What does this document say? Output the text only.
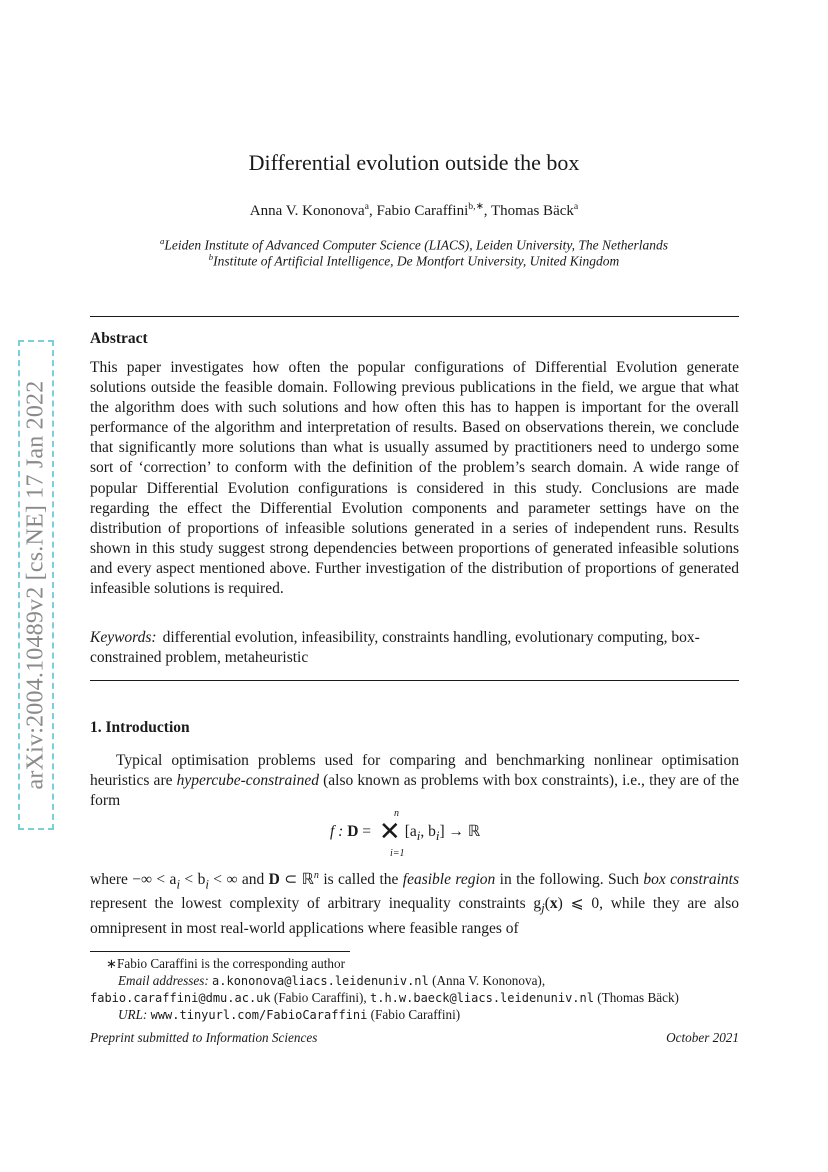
arXiv:2004.10489v2 [cs.NE] 17 Jan 2022
Differential evolution outside the box
Anna V. Kononova$^a$, Fabio Caraffini$^{b,∗}$, Thomas Bäck$^a$
$^a$Leiden Institute of Advanced Computer Science (LIACS), Leiden University, The Netherlands
$^b$Institute of Artificial Intelligence, De Montfort University, United Kingdom
Abstract

This paper investigates how often the popular configurations of Differential Evolution generate solutions outside the feasible domain. Following previous publications in the field, we argue that what the algorithm does with such solutions and how often this has to happen is important for the overall performance of the algorithm and interpretation of results. Based on observations therein, we conclude that significantly more solutions than what is usually assumed by practitioners need to undergo some sort of ‘correction’ to conform with the definition of the problem’s search domain. A wide range of popular Differential Evolution configurations is considered in this study. Conclusions are made regarding the effect the Differential Evolution components and parameter settings have on the distribution of proportions of infeasible solutions generated in a series of independent runs. Results shown in this study suggest strong dependencies between proportions of generated infeasible solutions and every aspect mentioned above. Further investigation of the distribution of proportions of generated infeasible solutions is required.

Keywords: differential evolution, infeasibility, constraints handling, evolutionary computing, box-constrained problem, metaheuristic

1. Introduction

Typical optimisation problems used for comparing and benchmarking nonlinear optimisation heuristics are hypercube-constrained (also known as problems with box constraints), i.e., they are of the form

n
i=1
f : D = ✕ [$a_i$, $b_i$] → ℝ

where −∞ < $a_i < b_i$ < ∞ and D ⊂ ℝ$^n$ is called the feasible region in the following. Such box constraints represent the lowest complexity of arbitrary inequality constraints $g_j(x)$ ⩽ 0, while they are also omnipresent in most real-world applications where feasible ranges of

∗Fabio Caraffini is the corresponding author

Email addresses: a.kononova@liacs.leidenuniv.nl (Anna V. Kononova),

fabio.caraffini@dmu.ac.uk (Fabio Caraffini), t.h.w.baeck@liacs.leidenuniv.nl (Thomas Bäck)

URL: www.tinyurl.com/FabioCaraffini (Fabio Caraffini)

Preprint submitted to Information Sciences	October 2021
